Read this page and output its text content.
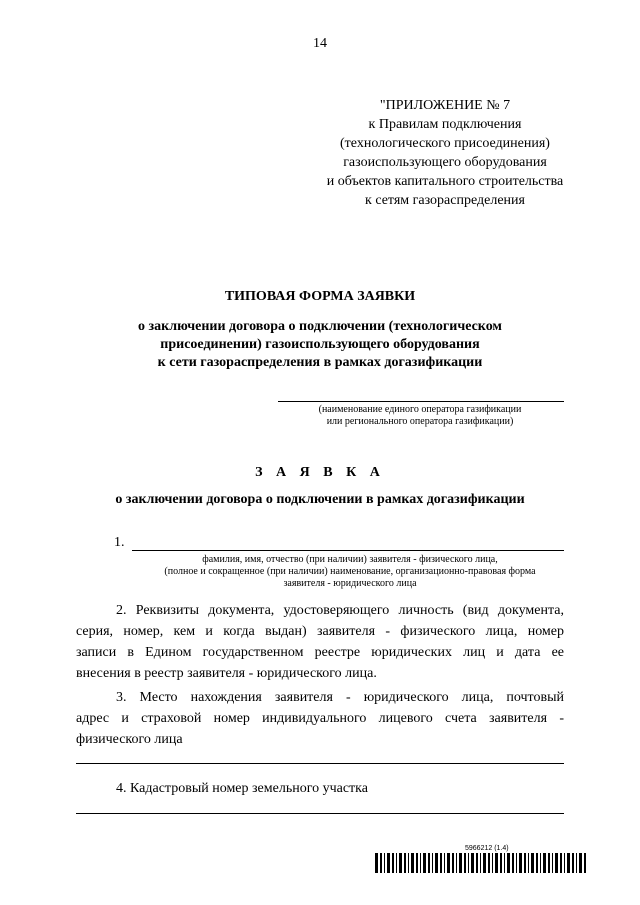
14
"ПРИЛОЖЕНИЕ № 7
к Правилам подключения
(технологического присоединения)
газоиспользующего оборудования
и объектов капитального строительства
к сетям газораспределения
ТИПОВАЯ ФОРМА ЗАЯВКИ
о заключении договора о подключении (технологическом
присоединении) газоиспользующего оборудования
к сети газораспределения в рамках догазификации
(наименование единого оператора газификации
или регионального оператора газификации)
З А Я В К А
о заключении договора о подключении в рамках догазификации
1.
фамилия, имя, отчество (при наличии) заявителя - физического лица,
(полное и сокращенное (при наличии) наименование, организационно-правовая форма
заявителя - юридического лица
2. Реквизиты документа, удостоверяющего личность (вид документа,
серия, номер, кем и когда выдан) заявителя - физического лица, номер
записи в Едином государственном реестре юридических лиц и дата ее
внесения в реестр заявителя - юридического лица.
3. Место нахождения заявителя - юридического лица, почтовый
адрес и страховой номер индивидуального лицевого счета заявителя -
физического лица
4. Кадастровый номер земельного участка
5966212 (1.4)
